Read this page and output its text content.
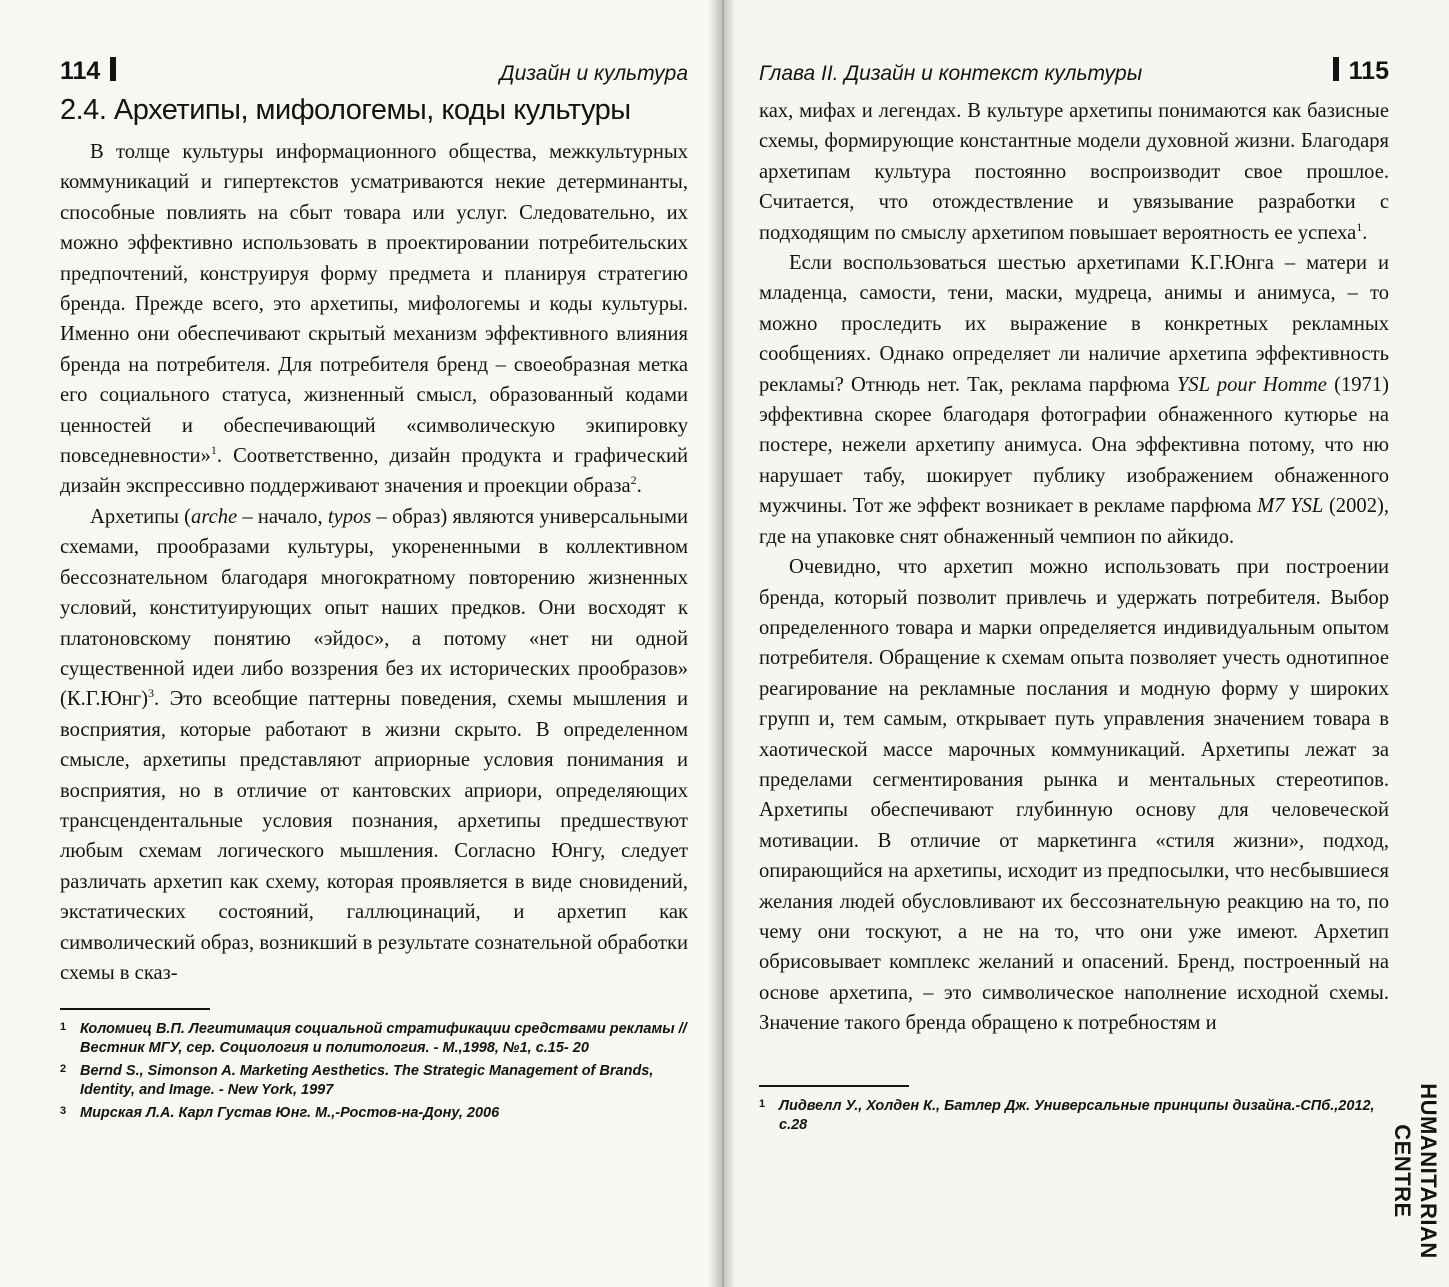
114	Дизайн и культура
2.4. Архетипы, мифологемы, коды культуры

В толще культуры информационного общества, межкультурных коммуникаций и гипертекстов усматриваются некие детерминанты, способные повлиять на сбыт товара или услуг. Следовательно, их можно эффективно использовать в проектировании потребительских предпочтений, конструируя форму предмета и планируя стратегию бренда. Прежде всего, это архетипы, мифологемы и коды культуры. Именно они обеспечивают скрытый механизм эффективного влияния бренда на потребителя. Для потребителя бренд – своеобразная метка его социального статуса, жизненный смысл, образованный кодами ценностей и обеспечивающий «символическую экипировку повседневности»$^1$. Соответственно, дизайн продукта и графический дизайн экспрессивно поддерживают значения и проекции образа$^2$.

Архетипы (arche – начало, typos – образ) являются универсальными схемами, прообразами культуры, укорененными в коллективном бессознательном благодаря многократному повторению жизненных условий, конституирующих опыт наших предков. Они восходят к платоновскому понятию «эйдос», а потому «нет ни одной существенной идеи либо воззрения без их исторических прообразов» $(К.Г.Юнг)^3$. Это всеобщие паттерны поведения, схемы мышления и восприятия, которые работают в жизни скрыто. В определенном смысле, архетипы представляют априорные условия понимания и восприятия, но в отличие от кантовских априори, определяющих трансцендентальные условия познания, архетипы предшествуют любым схемам логического мышления. Согласно Юнгу, следует различать архетип как схему, которая проявляется в виде сновидений, экстатических состояний, галлюцинаций, и архетип как символический образ, возникший в результате сознательной обработки схемы в сказ-

1 Коломиец В.П. Легитимация социальной стратификации средствами рекламы // Вестник МГУ, сер. Социология и политология. - М.,1998, №1, с.15- 20
2 Bernd S., Simonson A. Marketing Aesthetics. The Strategic Management of Brands, Identity, and Image. - New York, 1997
3 Мирская Л.А. Карл Густав Юнг. М.,-Ростов-на-Дону, 2006
Глава II. Дизайн и контекст культуры	115

ках, мифах и легендах. В культуре архетипы понимаются как базисные схемы, формирующие константные модели духовной жизни. Благодаря архетипам культура постоянно воспроизводит свое прошлое. Считается, что отождествление и увязывание разработки с подходящим по смыслу архетипом повышает вероятность ее успеха$^1$.

Если воспользоваться шестью архетипами К.Г.Юнга – матери и младенца, самости, тени, маски, мудреца, анимы и анимуса, – то можно проследить их выражение в конкретных рекламных сообщениях. Однако определяет ли наличие архетипа эффективность рекламы? Отнюдь нет. Так, реклама парфюма YSL pour Homme (1971) эффективна скорее благодаря фотографии обнаженного кутюрье на постере, нежели архетипу анимуса. Она эффективна потому, что ню нарушает табу, шокирует публику изображением обнаженного мужчины. Тот же эффект возникает в рекламе парфюма M7 YSL (2002), где на упаковке снят обнаженный чемпион по айкидо.

Очевидно, что архетип можно использовать при построении бренда, который позволит привлечь и удержать потребителя. Выбор определенного товара и марки определяется индивидуальным опытом потребителя. Обращение к схемам опыта позволяет учесть однотипное реагирование на рекламные послания и модную форму у широких групп и, тем самым, открывает путь управления значением товара в хаотической массе марочных коммуникаций. Архетипы лежат за пределами сегментирования рынка и ментальных стереотипов. Архетипы обеспечивают глубинную основу для человеческой мотивации. В отличие от маркетинга «стиля жизни», подход, опирающийся на архетипы, исходит из предпосылки, что несбывшиеся желания людей обусловливают их бессознательную реакцию на то, по чему они тоскуют, а не на то, что они уже имеют. Архетип обрисовывает комплекс желаний и опасений. Бренд, построенный на основе архетипа, – это символическое наполнение исходной схемы. Значение такого бренда обращено к потребностям и

1 Лидвелл У., Холден К., Батлер Дж. Универсальные принципы дизайна.-СПб.,2012, с.28	HUMANITARIAN CENTRE
